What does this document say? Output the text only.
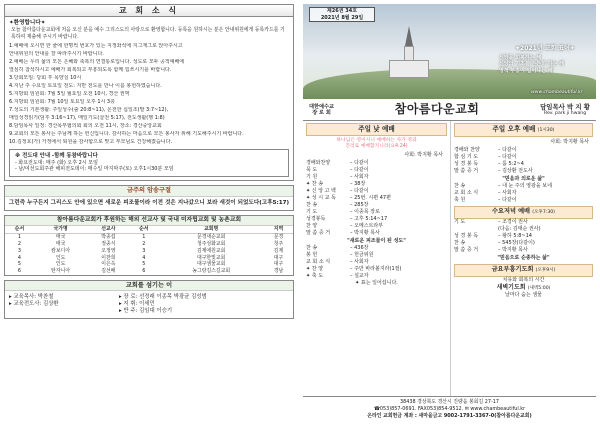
교 회 소 식
✦환영합니다✦
오늘 참아름다운교회에 처음 오신 분을 예수 그리스도의 사랑으로 환영합니다. 등록을 원하시는 분은 안내위원에게 등록카드를 기록하여 제출해 주시기 바랍니다.
1.예배에 오시면 한 줄에 한명씩 번호가 있는 지정좌석에 지그재그로 앉아주시고
안내위원의 안내를 잘 따라주시기 바랍니다.
2.예배는 우리 삶의 모든 은혜와 축복의 연결통로입니다. 성도로 모두 공적예배에
열심히 참석하시고 예배가 회복되고 부흥되도록 함께 힘쓰시기를 바랍니다.
3.당회모임: 당회 후 목양실 10시
4.지난 주 수요일 토요일 전도: 지반 전도를 만나 이름 봉헌하였습니다.
5.지방회 임원회: 7월 5일 월요일 오전 10시, 경산 권역
6.지방회 임원회: 7월 10일 토요일 오후 1시 3층
7.성도의 기본생활: 주일성수(출 20:8~11), 온전한 십일조(말 3:7~12),
매일성경읽기(딤후 3:16~17), 매일기도(살전 5:17), 전도생활(행 1:8)
8.담임목사 일정: 경산목부협의회 회의 오전 11시, 장소: 경산중앙교회
9.교회의 모든 봉사는 주님께 하는 헌신입니다. 감사하는 마음으로 모든 봉사자 위해 기도해주시기 바랍니다.
10.김정호(가) 가정에서 퇴원을 감사함으로 맞고 부모님도 건강해졌습니다.
※ 전도대 안내 -함께 동참바랍니다
- 화요전도대: 매주 (화) 오후 2시 모임
- 남/여선도회주관 해피전도데이: 매수일 마지막주(토) 오후1시30분 모임
금주의 암송구절
그런즉 누구든지 그리스도 안에 있으면 새로운 피조물이라 이전 것은 지나갔으니 보라 새것이 되었도다(고후5:17)
참아름다운교회가 후원하는 해외 선교사 및 국내 미자립교회 및 농촌교회
순서	국가명	선교사	순서	교회명	지역
1	태국	박종섭	1	문경새순교회	문경
2	태국	정종식	2	청주성화교회	청주
3	캄보디아	오정영	3	김제에원교회	김제
4	인도	이찬희	4	대구한빛교회	대구
5	인도	이은옥	5	대구샘물교회	대구
6	탄자니아	김선배	6	농그랑길스길교회	경남
교회를 섬기는 이
▸ 교육목사: 박찬철
▸ 교육전도사: 김상환
▸ 장 로: 선정래 이종목 박광균 김성범
▸ 지 휘: 이세민
▸ 반 주: 김임대 이승기
제26권 34호
2021년 8월 29일
✦2021년 교회 표어✦
신앙을 회복하는 해
신앙의 기초를 튼튼히 하는 해
영적 부흥이 일어나는 해
www.chambeautiful.kr
대한예수교
장 로 회	참아름다운교회	담임목사 박 지 황
Rev. park ji hwang
주일 낮 예배
하나님은 영이시니 예배하는 자가 영과
진리로 예배할지니라(요4:24)
사회: 박지황 목사
경배와찬양	– 다같이
묵 도	– 다같이
기 원	– 사회자
✦ 찬 송	– 38장
✦ 신 앙 고 백	– 다같이
✦ 성 시 교 독	– 25번. 시편 47편
찬 송	– 285장
기 도	– 이종목 장로
성경봉독	– 고후 5:14~17
찬 양	– 오메스트라부
말 씀 증 거	– 박지황 목사
"새로운 피조물이 된 성도"
찬 송	– 436장
봉 헌	– 헌금위원
교 회 소 식	– 사회자
✦ 찬 양	– 주만 바라볼지라(1절)
✦ 축 도	– 설교자
✦ 표는 일어섭니다.
주일 오후 예배 (1시30)
사회: 박지황 목사
경배와 찬양	– 다같이
합 심 기 도	– 다같이
성 경 봉 독	– 룸 5:2~4
말 씀 증 거	– 김상환 전도사
"믿음과 의로운 삶"
찬 송	– 내 눈 주의 영광을 보네
교 회 소 식	– 사회자
축 원	– 다같이
수요저녁 예배 (오후7:30)
기 도	– 조경이 권사
(다음: 김태순 권사)
성 경 봉 독	– 왕하 5:8~14
찬 송	– 545장(다같이)
말 씀 증 거	– 박지황 목사
"믿음으로 순종하는 삶"
금요부흥기도회 (오후9시)
치유와 회복의 시간
새벽기도회 (새벽5:00)
날마다 숨는 샘물
38438 경상북도 경산시 진량읍 봉회길 27-17
☎053)857-0691. FAX053)854-9512. ✉ www.chambeautiful.kr
온라인 교회헌금 계좌 : 새마을금고 9002-1791-3367-0(참아름다운교회)
